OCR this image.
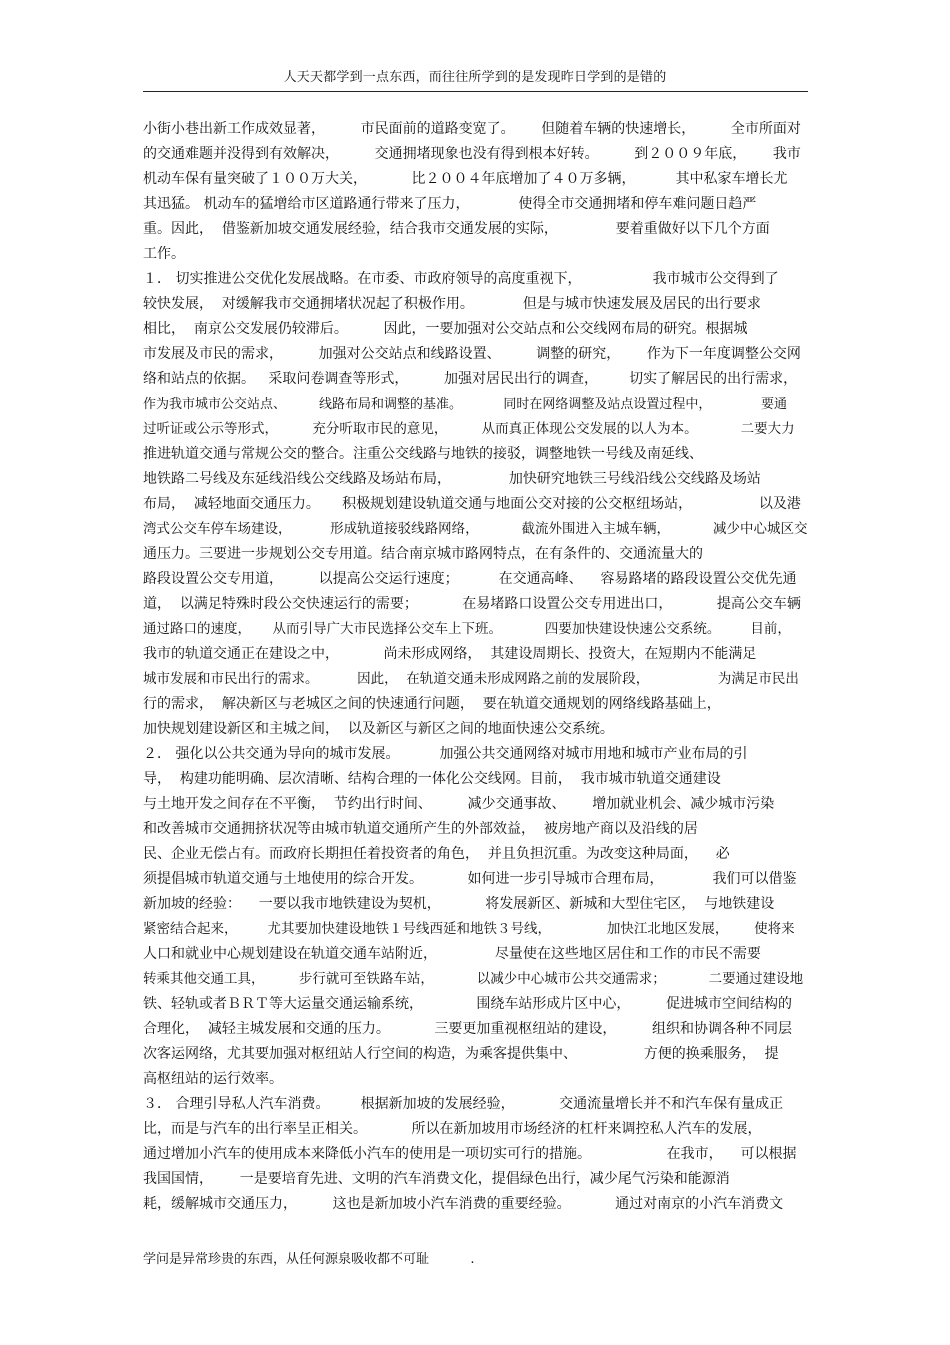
人天天都学到一点东西，而往往所学到的是发现昨日学到的是错的
小街小巷出新工作成效显著，        市民面前的道路变宽了。      但随着车辆的快速增长，        全市所面对
的交通难题并没得到有效解决，        交通拥堵现象也没有得到根本好转。        到２００９年底，      我市
机动车保有量突破了１００万大关，          比２００４年底增加了４０万多辆，         其中私家车增长尤
其迅猛。 机动车的猛增给市区道路通行带来了压力，           使得全市交通拥堵和停车难问题日趋严
重。因此，  借鉴新加坡交通发展经验，结合我市交通发展的实际，             要着重做好以下几个方面
工作。
１． 切实推进公交优化发展战略。在市委、市政府领导的高度重视下，                我市城市公交得到了
较快发展，  对缓解我市交通拥堵状况起了积极作用。           但是与城市快速发展及居民的出行要求
相比，  南京公交发展仍较滞后。        因此，一要加强对公交站点和公交线网布局的研究。根据城
市发展及市民的需求，        加强对公交站点和线路设置、        调整的研究，      作为下一年度调整公交网
络和站点的依据。   采取问卷调查等形式，        加强对居民出行的调查，       切实了解居民的出行需求，
作为我市城市公交站点、        线路布局和调整的基准。          同时在网络调整及站点设置过程中，            要通
过听证或公示等形式，        充分听取市民的意见，        从而真正体现公交发展的以人为本。          二要大力
推进轨道交通与常规公交的整合。注重公交线路与地铁的接驳，调整地铁一号线及南延线、
地铁路二号线及东延线沿线公交线路及场站布局，             加快研究地铁三号线沿线公交线路及场站
布局，  减轻地面交通压力。     积极规划建设轨道交通与地面公交对接的公交枢纽场站，               以及港
湾式公交车停车场建设，         形成轨道接驳线路网络，          截流外围进入主城车辆，          减少中心城区交
通压力。三要进一步规划公交专用道。结合南京城市路网特点，在有条件的、交通流量大的
路段设置公交专用道，        以提高公交运行速度；         在交通高峰、    容易路堵的路段设置公交优先通
道，  以满足特殊时段公交快速运行的需要；          在易堵路口设置公交专用进出口，          提高公交车辆
通过路口的速度，     从而引导广大市民选择公交车上下班。          四要加快建设快速公交系统。       目前，
我市的轨道交通正在建设之中，          尚未形成网络，  其建设周期长、投资大，在短期内不能满足
城市发展和市民出行的需求。         因此，  在轨道交通未形成网路之前的发展阶段，                为满足市民出
行的需求，  解决新区与老城区之间的快速通行问题，  要在轨道交通规划的网络线路基础上，
加快规划建设新区和主城之间，  以及新区与新区之间的地面快速公交系统。
２． 强化以公共交通为导向的城市发展。         加强公共交通网络对城市用地和城市产业布局的引
导，  构建功能明确、层次清晰、结构合理的一体化公交线网。目前，  我市城市轨道交通建设
与土地开发之间存在不平衡，  节约出行时间、        减少交通事故、      增加就业机会、减少城市污染
和改善城市交通拥挤状况等由城市轨道交通所产生的外部效益，  被房地产商以及沿线的居
民、企业无偿占有。而政府长期担任着投资者的角色，  并且负担沉重。为改变这种局面，    必
须提倡城市轨道交通与土地使用的综合开发。          如何进一步引导城市合理布局，           我们可以借鉴
新加坡的经验：    一要以我市地铁建设为契机，          将发展新区、新城和大型住宅区，  与地铁建设
紧密结合起来，       尤其要加快建设地铁１号线西延和地铁３号线，             加快江北地区发展，      使将来
人口和就业中心规划建设在轨道交通车站附近，             尽量使在这些地区居住和工作的市民不需要
转乘其他交通工具，        步行就可至铁路车站，          以减少中心城市公共交通需求；          二要通过建设地
铁、轻轨或者ＢＲＴ等大运量交通运输系统，            围绕车站形成片区中心，        促进城市空间结构的
合理化，  减轻主城发展和交通的压力。          三要更加重视枢纽站的建设，        组织和协调各种不同层
次客运网络，尤其要加强对枢纽站人行空间的构造，为乘客提供集中、               方便的换乘服务，  提
高枢纽站的运行效率。
３． 合理引导私人汽车消费。       根据新加坡的发展经验，          交通流量增长并不和汽车保有量成正
比，而是与汽车的出行率呈正相关。          所以在新加坡用市场经济的杠杆来调控私人汽车的发展，
通过增加小汽车的使用成本来降低小汽车的使用是一项切实可行的措施。                 在我市，    可以根据
我国国情，      一是要培育先进、文明的汽车消费文化，提倡绿色出行，减少尾气污染和能源消
耗，缓解城市交通压力，        这也是新加坡小汽车消费的重要经验。          通过对南京的小汽车消费文
学问是异常珍贵的东西，从任何源泉吸收都不可耻          .
